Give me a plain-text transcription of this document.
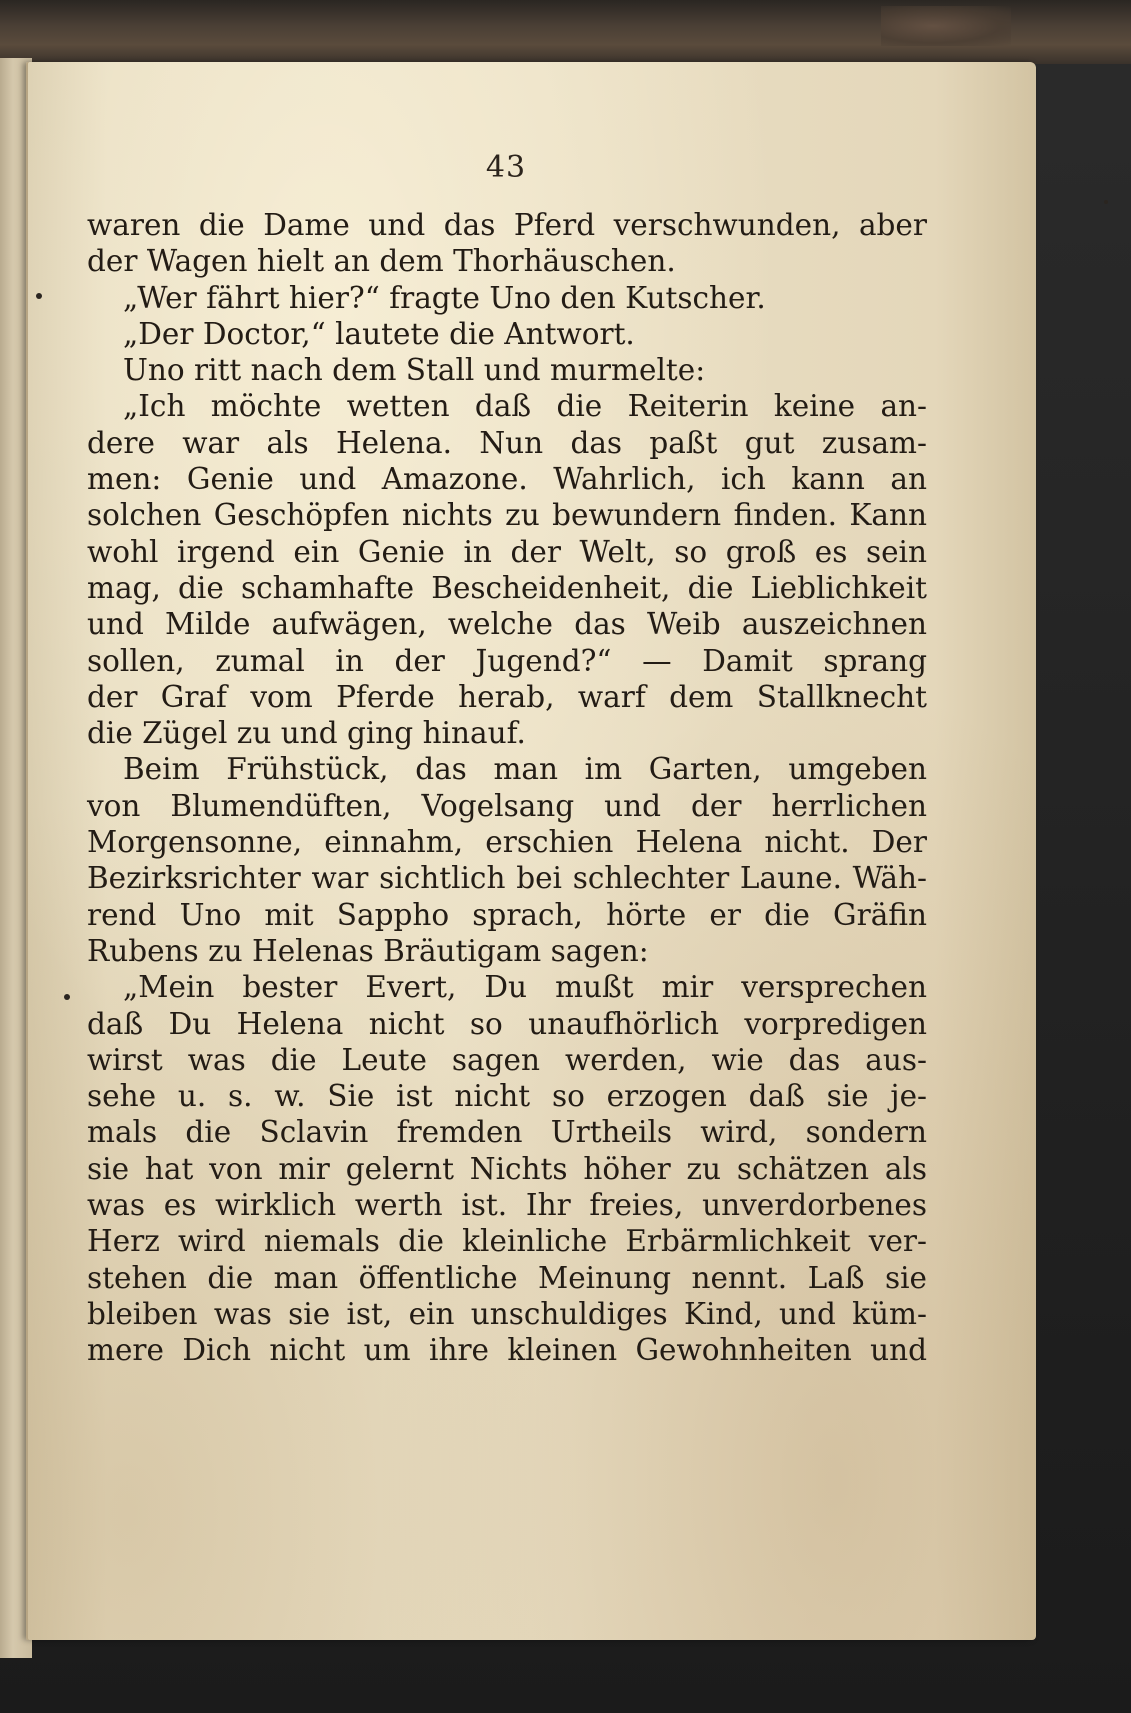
43
waren die Dame und das Pferd verschwunden, aber
der Wagen hielt an dem Thorhäuschen.
„Wer fährt hier?“ fragte Uno den Kutscher.
„Der Doctor,“ lautete die Antwort.
Uno ritt nach dem Stall und murmelte:
„Ich möchte wetten daß die Reiterin keine an-
dere war als Helena. Nun das paßt gut zusam-
men: Genie und Amazone. Wahrlich, ich kann an
solchen Geschöpfen nichts zu bewundern finden. Kann
wohl irgend ein Genie in der Welt, so groß es sein
mag, die schamhafte Bescheidenheit, die Lieblichkeit
und Milde aufwägen, welche das Weib auszeichnen
sollen, zumal in der Jugend?“ — Damit sprang
der Graf vom Pferde herab, warf dem Stallknecht
die Zügel zu und ging hinauf.
Beim Frühstück, das man im Garten, umgeben
von Blumendüften, Vogelsang und der herrlichen
Morgensonne, einnahm, erschien Helena nicht. Der
Bezirksrichter war sichtlich bei schlechter Laune. Wäh-
rend Uno mit Sappho sprach, hörte er die Gräfin
Rubens zu Helenas Bräutigam sagen:
„Mein bester Evert, Du mußt mir versprechen
daß Du Helena nicht so unaufhörlich vorpredigen
wirst was die Leute sagen werden, wie das aus-
sehe u. s. w. Sie ist nicht so erzogen daß sie je-
mals die Sclavin fremden Urtheils wird, sondern
sie hat von mir gelernt Nichts höher zu schätzen als
was es wirklich werth ist. Ihr freies, unverdorbenes
Herz wird niemals die kleinliche Erbärmlichkeit ver-
stehen die man öffentliche Meinung nennt. Laß sie
bleiben was sie ist, ein unschuldiges Kind, und küm-
mere Dich nicht um ihre kleinen Gewohnheiten und
